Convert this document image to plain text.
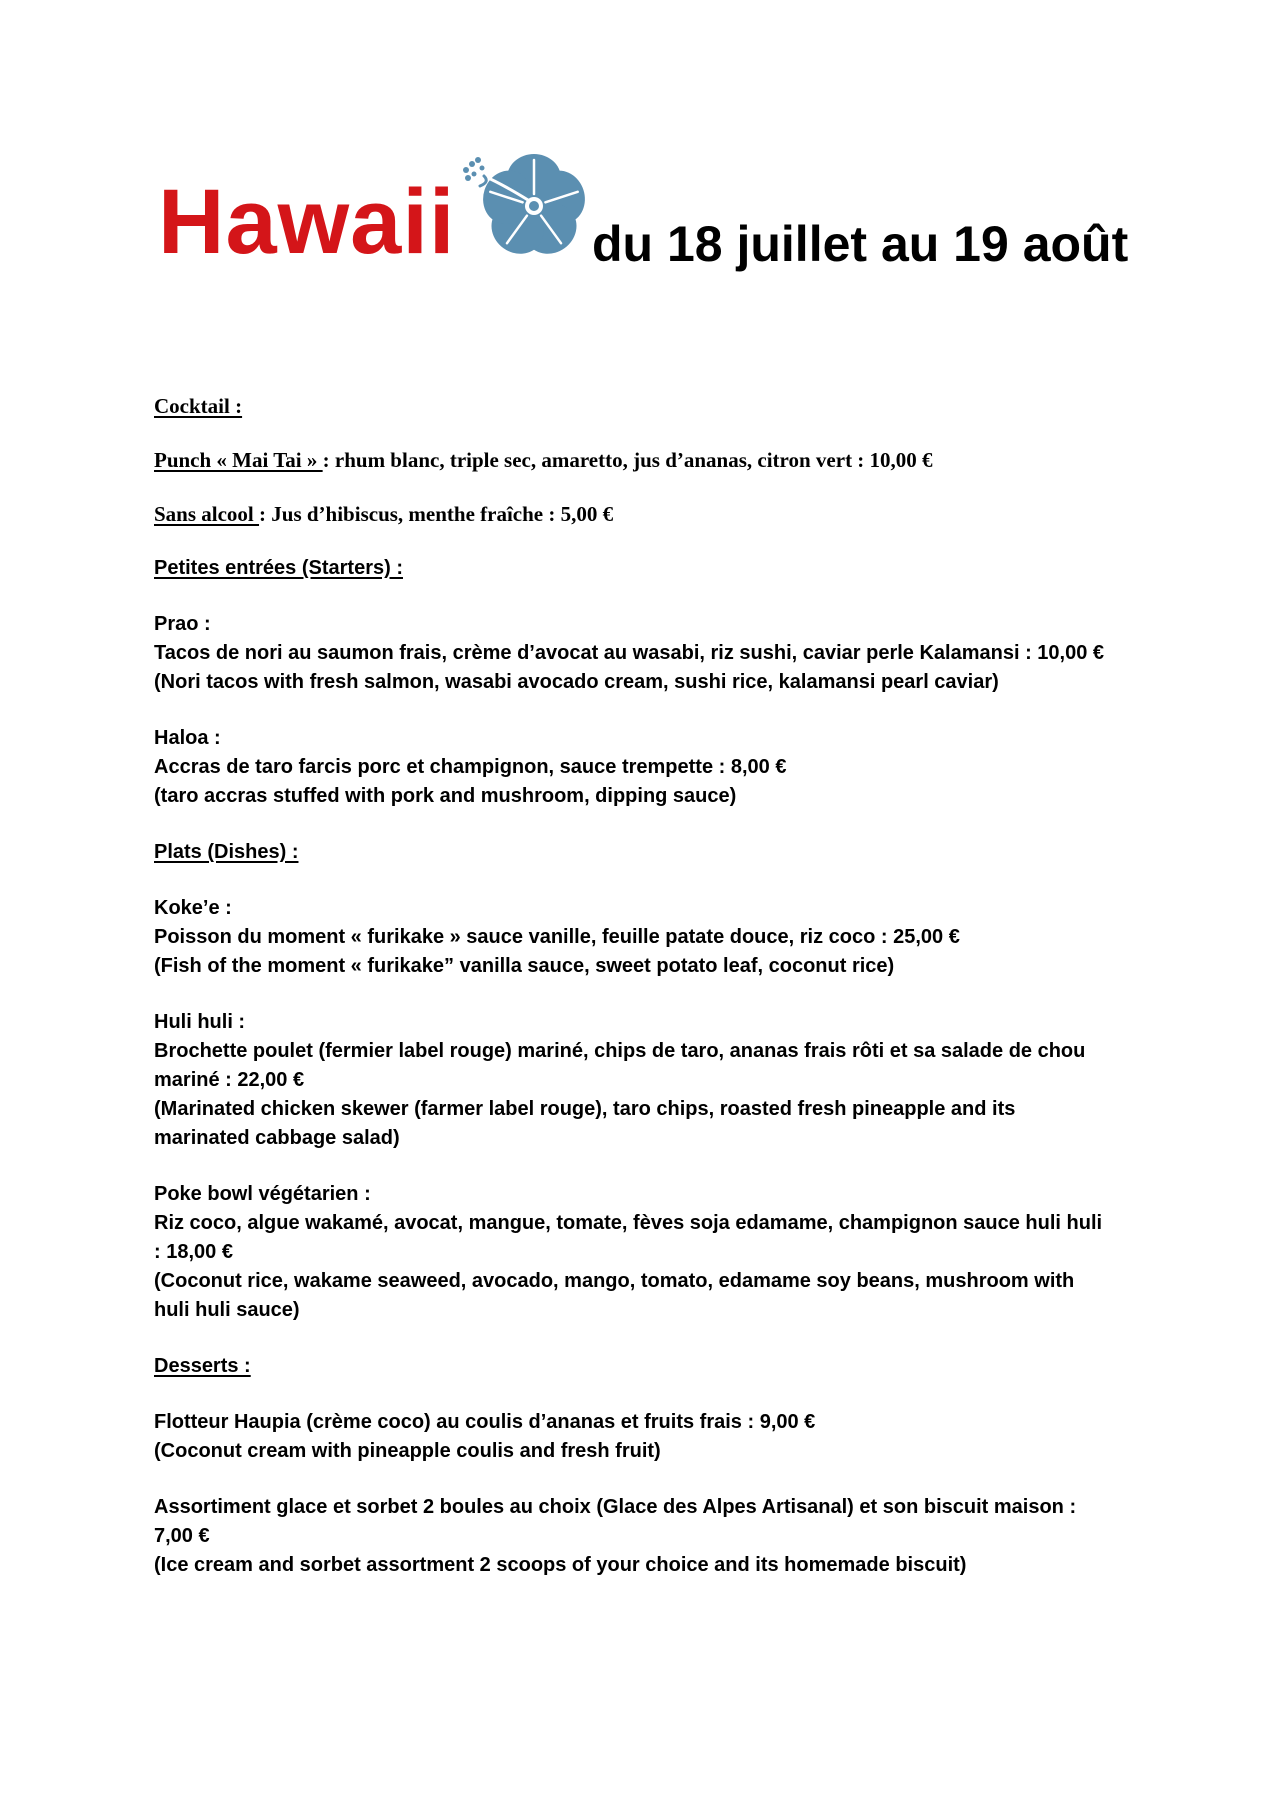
Hawaii	du 18 juillet au 19 août

Cocktail :

Punch « Mai Tai » : rhum blanc, triple sec, amaretto, jus d’ananas, citron vert : 10,00 €

Sans alcool : Jus d’hibiscus, menthe fraîche : 5,00 €

Petites entrées (Starters) :

Prao :

Tacos de nori au saumon frais, crème d’avocat au wasabi, riz sushi, caviar perle Kalamansi : 10,00 €

(Nori tacos with fresh salmon, wasabi avocado cream, sushi rice, kalamansi pearl caviar)

Haloa :

Accras de taro farcis porc et champignon, sauce trempette : 8,00 €

(taro accras stuffed with pork and mushroom, dipping sauce)

Plats (Dishes) :

Koke’e :

Poisson du moment « furikake » sauce vanille, feuille patate douce, riz coco : 25,00 €

(Fish of the moment « furikake” vanilla sauce, sweet potato leaf, coconut rice)

Huli huli :

Brochette poulet (fermier label rouge) mariné, chips de taro, ananas frais rôti et sa salade de chou

mariné : 22,00 €

(Marinated chicken skewer (farmer label rouge), taro chips, roasted fresh pineapple and its

marinated cabbage salad)

Poke bowl végétarien :

Riz coco, algue wakamé, avocat, mangue, tomate, fèves soja edamame, champignon sauce huli huli

: 18,00 €

(Coconut rice, wakame seaweed, avocado, mango, tomato, edamame soy beans, mushroom with

huli huli sauce)

Desserts :

Flotteur Haupia (crème coco) au coulis d’ananas et fruits frais : 9,00 €

(Coconut cream with pineapple coulis and fresh fruit)

Assortiment glace et sorbet 2 boules au choix (Glace des Alpes Artisanal) et son biscuit maison :

7,00 €

(Ice cream and sorbet assortment 2 scoops of your choice and its homemade biscuit)
